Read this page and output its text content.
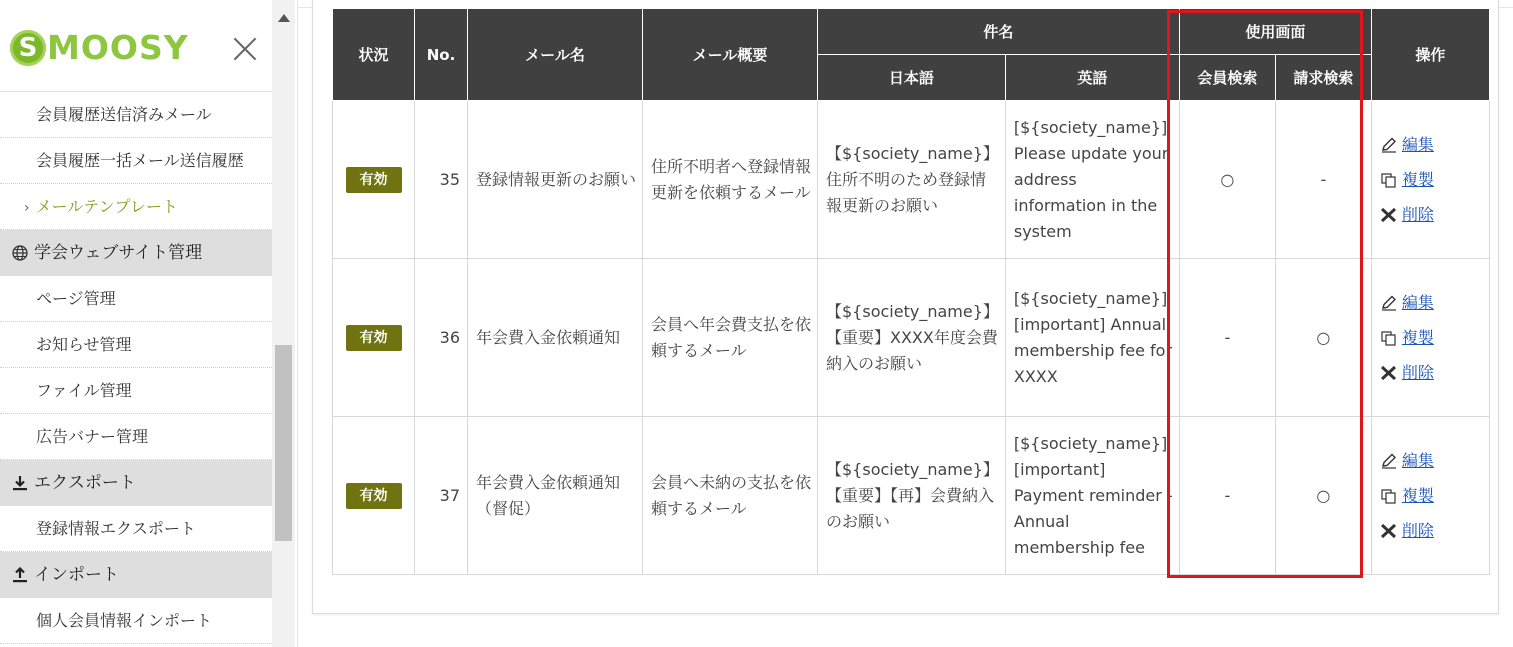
S MOOSY
会員履歴送信済みメール
会員履歴一括メール送信履歴
› メールテンプレート
学会ウェブサイト管理
ページ管理
お知らせ管理
ファイル管理
広告バナー管理
エクスポート
登録情報エクスポート
インポート
個人会員情報インポート
状況	No.	メール名	メール概要	件名		使用画面		操作
				日本語	英語	会員検索	請求検索	
有効	35	登録情報更新のお願い	住所不明者へ登録情報更新を依頼するメール	【${society_name}】住所不明のため登録情報更新のお願い	[${society_name}] Please update your address information in the system	○	-	編集
複製
削除

有効	36	年会費入金依頼通知	会員へ年会費支払を依頼するメール	【${society_name}】【重要】XXXX年度会費納入のお願い	[${society_name}] [important] Annual membership fee for XXXX	-	○	編集
複製
削除

有効	37	年会費入金依頼通知（督促）	会員へ未納の支払を依頼するメール	【${society_name}】【重要】【再】会費納入のお願い	[${society_name}] [important] Payment reminder - Annual membership fee	-	○	編集
複製
削除
